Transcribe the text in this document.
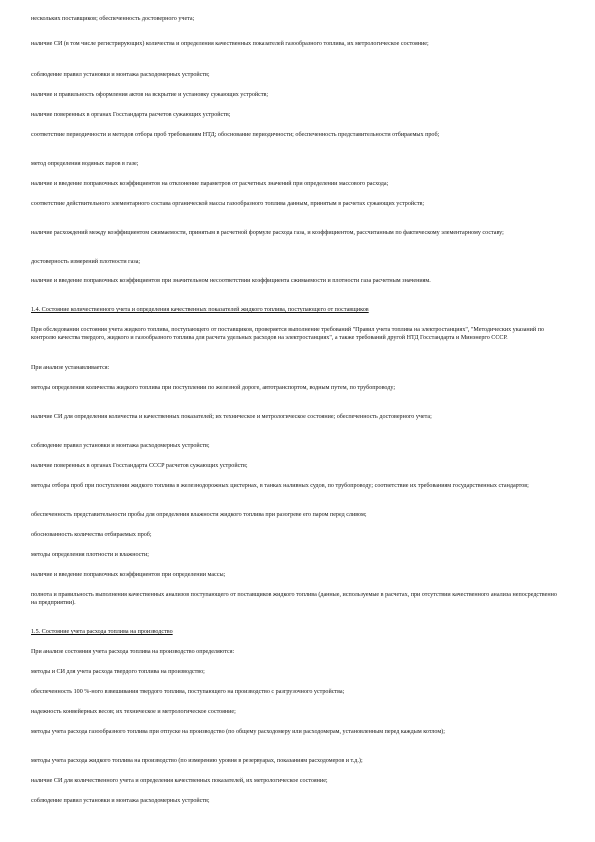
нескольких поставщиков; обеспеченность достоверного учета;

наличие СИ (в том числе регистрирующих) количества и определения качественных показателей газообразного топлива, их метрологическое состояние;

соблюдение правил установки и монтажа расходомерных устройств;

наличие и правильность оформления актов на вскрытие и установку сужающих устройств;

наличие поверенных в органах Госстандарта расчетов сужающих устройств;

соответствие периодичности и методов отбора проб требованиям НТД; обоснование периодичности; обеспеченность представительности отбираемых проб;

метод определения водяных паров в газе;

наличие и введение поправочных коэффициентов на отклонение параметров от расчетных значений при определении массового расхода;

соответствие действительного элементарного состава органической массы газообразного топлива данным, принятым в расчетах сужающих устройств;

наличие расхождений между коэффициентом сжимаемости, принятым в расчетной формуле расхода газа, и коэффициентом, рассчитанным по фактическому элементарному составу;

достоверность измерений плотности газа;

наличие и введение поправочных коэффициентов при значительном несоответствии коэффициента сжимаемости и плотности газа расчетным значениям.

1.4. Состояние количественного учета и определения качественных показателей жидкого топлива, поступающего от поставщиков

При обследовании состояния учета жидкого топлива, поступающего от поставщиков, проверяется выполнение требований "Правил учета топлива на электростанциях", "Методических указаний по контролю качества твердого, жидкого и газообразного топлива для расчета удельных расходов на электростанциях", а также требований другой НТД Госстандарта и Минэнерго СССР.

При анализе устанавливается:

методы определения количества жидкого топлива при поступлении по железной дороге, автотранспортом, водным путем, по трубопроводу;

наличие СИ для определения количества и качественных показателей; их техническое и метрологическое состояние; обеспеченность достоверного учета;

соблюдение правил установки и монтажа расходомерных устройств;

наличие поверенных в органах Госстандарта СССР расчетов сужающих устройств;

методы отбора проб при поступлении жидкого топлива в железнодорожных цистернах, в танках наливных судов, по трубопроводу; соответствие их требованиям государственных стандартов;

обеспеченность представительности пробы для определения влажности жидкого топлива при разогреве его паром перед сливом;

обоснованность количества отбираемых проб;

методы определения плотности и влажности;

наличие и введение поправочных коэффициентов при определении массы;

полнота и правильность выполнения качественных анализов поступающего от поставщиков жидкого топлива (данные, используемые в расчетах, при отсутствии качественного анализа непосредственно на предприятии).

1.5. Состояние учета расхода топлива на производство

При анализе состояния учета расхода топлива на производство определяются:

методы и СИ для учета расхода твердого топлива на производство;

обеспеченность 100 %-ного взвешивания твердого топлива, поступающего на производство с разгрузочного устройства;

надежность конвейерных весов; их техническое и метрологическое состояние;

методы учета расхода газообразного топлива при отпуске на производство (по общему расходомеру или расходомерам, установленным перед каждым котлом);

методы учета расхода жидкого топлива на производство (по измерению уровня в резервуарах, показаниям расходомеров и т.д.);

наличие СИ для количественного учета и определения качественных показателей, их метрологическое состояние;

соблюдение правил установки и монтажа расходомерных устройств;
